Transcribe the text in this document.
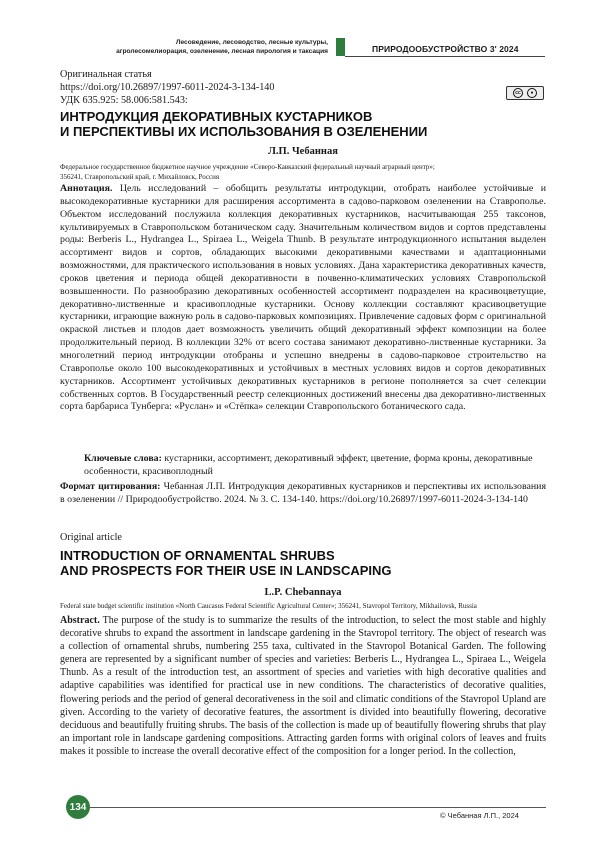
Лесоведение, лесоводство, лесные культуры,
агролесомелиорация, озеленение, лесная пирология и таксация	ПРИРОДООБУСТРОЙСТВО 3' 2024
Оригинальная статья
https://doi.org/10.26897/1997-6011-2024-3-134-140
УДК 635.925: 58.006:581.543:
cc	●
ИНТРОДУКЦИЯ ДЕКОРАТИВНЫХ КУСТАРНИКОВ
И ПЕРСПЕКТИВЫ ИХ ИСПОЛЬЗОВАНИЯ В ОЗЕЛЕНЕНИИ
Л.П. Чебанная
Федеральное государственное бюджетное научное учреждение «Северо-Кавказский федеральный научный аграрный центр»;
356241, Ставропольский край, г. Михайловск, Россия
Аннотация. Цель исследований – обобщить результаты интродукции, отобрать наиболее устойчивые и высокодекоративные кустарники для расширения ассортимента в садово-парковом озеленении на Ставрополье. Объектом исследований послужила коллекция декоративных кустарников, насчитывающая 255 таксонов, культивируемых в Ставропольском ботаническом саду. Значительным количеством видов и сортов представлены роды: Berberis L., Hydrangea L., Spiraea L., Weigela Thunb. В результате интродукционного испытания выделен ассортимент видов и сортов, обладающих высокими декоративными качествами и адаптационными возможностями, для практического использования в новых условиях. Дана характеристика декоративных качеств, сроков цветения и периода общей декоративности в почвенно-климатических условиях Ставропольской возвышенности. По разнообразию декоративных особенностей ассортимент подразделен на красивоцветущие, декоративно-лиственные и красивоплодные кустарники. Основу коллекции составляют красивоцветущие кустарники, играющие важную роль в садово-парковых композициях. Привлечение садовых форм с оригинальной окраской листьев и плодов дает возможность увеличить общий декоративный эффект композиции на более продолжительный период. В коллекции 32% от всего состава занимают декоративно-лиственные кустарники. За многолетний период интродукции отобраны и успешно внедрены в садово-парковое строительство на Ставрополье около 100 высокодекоративных и устойчивых в местных условиях видов и сортов декоративных кустарников. Ассортимент устойчивых декоративных кустарников в регионе пополняется за счет селекции собственных сортов. В Государственный реестр селекционных достижений внесены два декоративно-лиственных сорта барбариса Тунберга: «Руслан» и «Стёпка» селекции Ставропольского ботанического сада.
Ключевые слова: кустарники, ассортимент, декоративный эффект, цветение, форма кроны, декоративные особенности, красивоплодный
Формат цитирования: Чебанная Л.П. Интродукция декоративных кустарников и перспективы их использования в озеленении // Природообустройство. 2024. № 3. С. 134-140. https://doi.org/10.26897/1997-6011-2024-3-134-140
Original article
INTRODUCTION OF ORNAMENTAL SHRUBS
AND PROSPECTS FOR THEIR USE IN LANDSCAPING
L.P. Chebannaya
Federal state budget scientific institution «North Caucasus Federal Scientific Agricultural Center»; 356241, Stavropol Territory, Mikhailovsk, Russia
Abstract. The purpose of the study is to summarize the results of the introduction, to select the most stable and highly decorative shrubs to expand the assortment in landscape gardening in the Stavropol territory. The object of research was a collection of ornamental shrubs, numbering 255 taxa, cultivated in the Stavropol Botanical Garden. The following genera are represented by a significant number of species and varieties: Berberis L., Hydrangea L., Spiraea L., Weigela Thunb. As a result of the introduction test, an assortment of species and varieties with high decorative qualities and adaptive capabilities was identified for practical use in new conditions. The characteristics of decorative qualities, flowering periods and the period of general decorativeness in the soil and climatic conditions of the Stavropol Upland are given. According to the variety of decorative features, the assortment is divided into beautifully flowering, decorative deciduous and beautifully fruiting shrubs. The basis of the collection is made up of beautifully flowering shrubs that play an important role in landscape gardening compositions. Attracting garden forms with original colors of leaves and fruits makes it possible to increase the overall decorative effect of the composition for a longer period. In the collection,
134
© Чебанная Л.П., 2024
